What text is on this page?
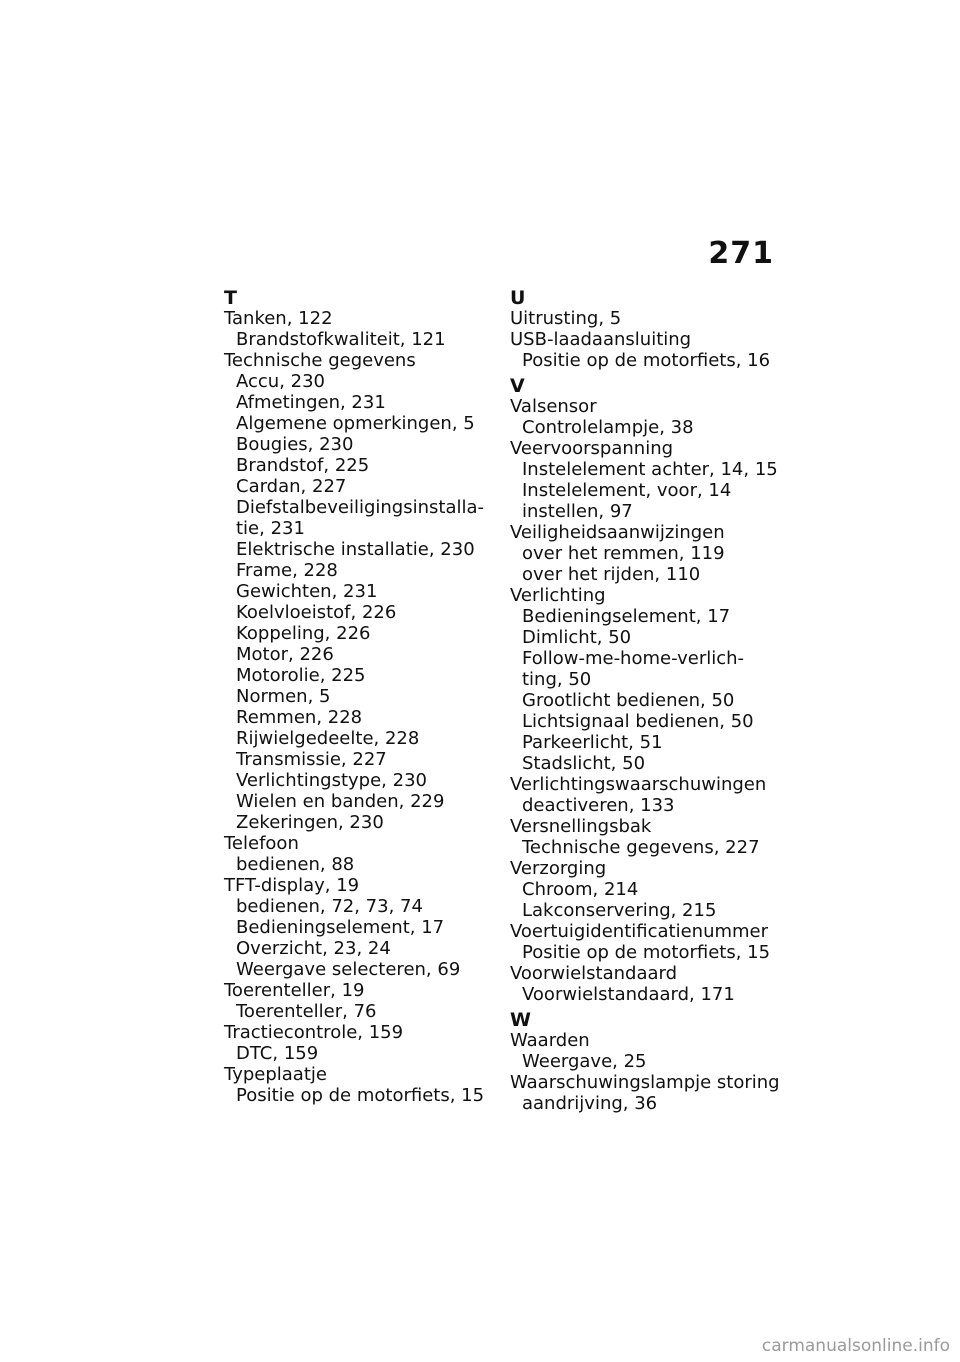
271
T
Tanken, 122
Brandstofkwaliteit, 121
Technische gegevens
Accu, 230
Afmetingen, 231
Algemene opmerkingen, 5
Bougies, 230
Brandstof, 225
Cardan, 227
Diefstalbeveiligingsinstalla-
tie, 231
Elektrische installatie, 230
Frame, 228
Gewichten, 231
Koelvloeistof, 226
Koppeling, 226
Motor, 226
Motorolie, 225
Normen, 5
Remmen, 228
Rijwielgedeelte, 228
Transmissie, 227
Verlichtingstype, 230
Wielen en banden, 229
Zekeringen, 230
Telefoon
bedienen, 88
TFT-display, 19
bedienen, 72, 73, 74
Bedieningselement, 17
Overzicht, 23, 24
Weergave selecteren, 69
Toerenteller, 19
Toerenteller, 76
Tractiecontrole, 159
DTC, 159
Typeplaatje
Positie op de motorfiets, 15
U
Uitrusting, 5
USB-laadaansluiting
Positie op de motorfiets, 16
V
Valsensor
Controlelampje, 38
Veervoorspanning
Instelelement achter, 14, 15
Instelelement, voor, 14
instellen, 97
Veiligheidsaanwijzingen
over het remmen, 119
over het rijden, 110
Verlichting
Bedieningselement, 17
Dimlicht, 50
Follow-me-home-verlich-
ting, 50
Grootlicht bedienen, 50
Lichtsignaal bedienen, 50
Parkeerlicht, 51
Stadslicht, 50
Verlichtingswaarschuwingen
deactiveren, 133
Versnellingsbak
Technische gegevens, 227
Verzorging
Chroom, 214
Lakconservering, 215
Voertuigidentificatienummer
Positie op de motorfiets, 15
Voorwielstandaard
Voorwielstandaard, 171
W
Waarden
Weergave, 25
Waarschuwingslampje storing
aandrijving, 36
carmanualsonline.info
